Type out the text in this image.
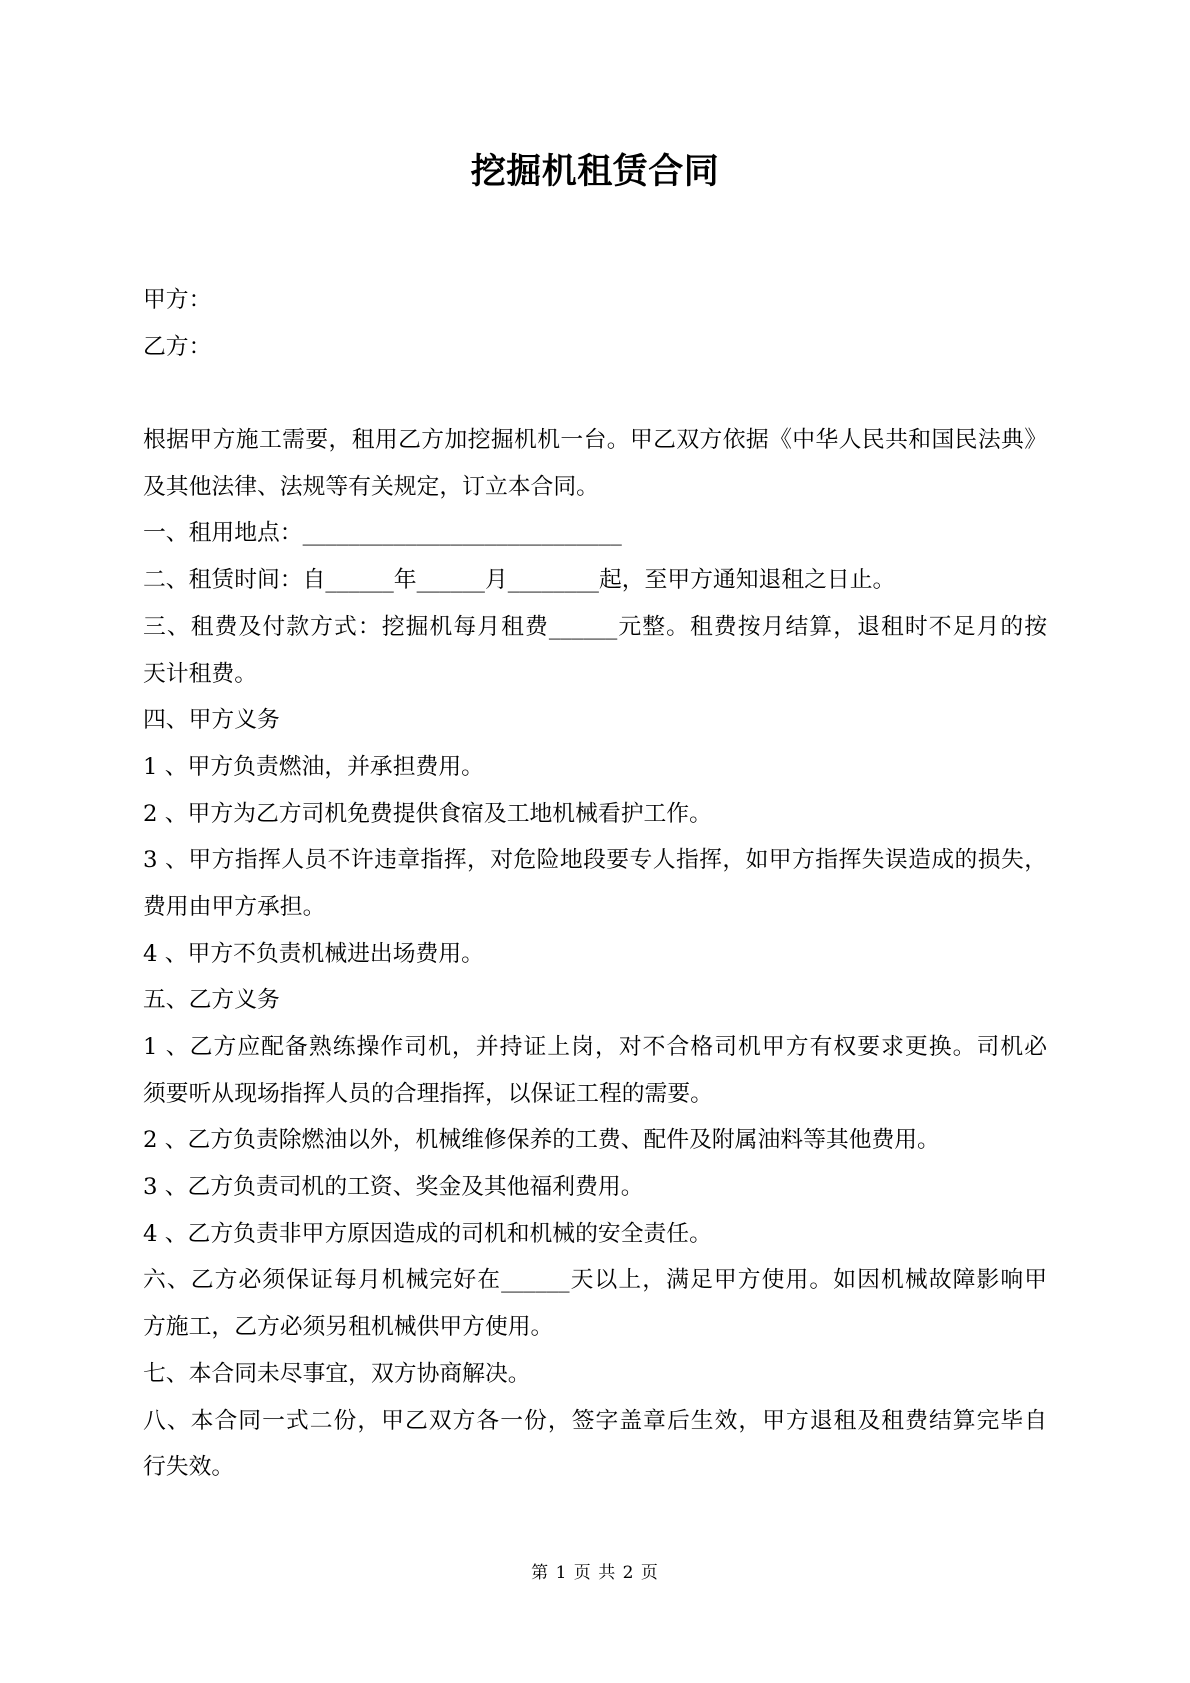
挖掘机租赁合同
甲方：
乙方：
根据甲方施工需要，租用乙方加挖掘机机一台。甲乙双方依据《中华人民共和国民法典》
及其他法律、法规等有关规定，订立本合同。
一、租用地点：____________________________
二、租赁时间：自______年______月________起，至甲方通知退租之日止。
三、租费及付款方式：挖掘机每月租费______元整。租费按月结算，退租时不足月的按
天计租费。
四、甲方义务
1 、甲方负责燃油，并承担费用。
2 、甲方为乙方司机免费提供食宿及工地机械看护工作。
3 、甲方指挥人员不许违章指挥，对危险地段要专人指挥，如甲方指挥失误造成的损失，
费用由甲方承担。
4 、甲方不负责机械进出场费用。
五、乙方义务
1 、乙方应配备熟练操作司机，并持证上岗，对不合格司机甲方有权要求更换。司机必
须要听从现场指挥人员的合理指挥，以保证工程的需要。
2 、乙方负责除燃油以外，机械维修保养的工费、配件及附属油料等其他费用。
3 、乙方负责司机的工资、奖金及其他福利费用。
4 、乙方负责非甲方原因造成的司机和机械的安全责任。
六、乙方必须保证每月机械完好在______天以上，满足甲方使用。如因机械故障影响甲
方施工，乙方必须另租机械供甲方使用。
七、本合同未尽事宜，双方协商解决。
八、本合同一式二份，甲乙双方各一份，签字盖章后生效，甲方退租及租费结算完毕自
行失效。
第 1 页 共 2 页
